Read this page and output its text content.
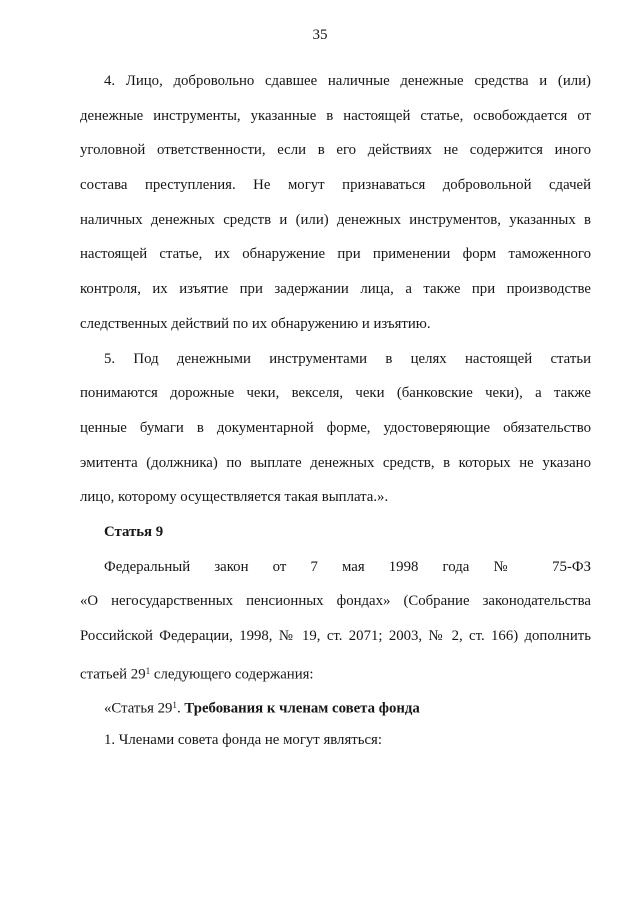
35
4. Лицо, добровольно сдавшее наличные денежные средства и (или)
денежные инструменты, указанные в настоящей статье, освобождается от
уголовной ответственности, если в его действиях не содержится иного
состава преступления. Не могут признаваться добровольной сдачей
наличных денежных средств и (или) денежных инструментов, указанных в
настоящей статье, их обнаружение при применении форм таможенного
контроля, их изъятие при задержании лица, а также при производстве
следственных действий по их обнаружению и изъятию.
5. Под денежными инструментами в целях настоящей статьи
понимаются дорожные чеки, векселя, чеки (банковские чеки), а также
ценные бумаги в документарной форме, удостоверяющие обязательство
эмитента (должника) по выплате денежных средств, в которых не указано
лицо, которому осуществляется такая выплата.».
Статья 9
Федеральный закон от 7 мая 1998 года № 75-ФЗ
«О негосударственных пенсионных фондах» (Собрание законодательства
Российской Федерации, 1998, № 19, ст. 2071; 2003, № 2, ст. 166) дополнить
статьей $29^1$ следующего содержания:
«Статья $29^1$. Требования к членам совета фонда
1. Членами совета фонда не могут являться:
